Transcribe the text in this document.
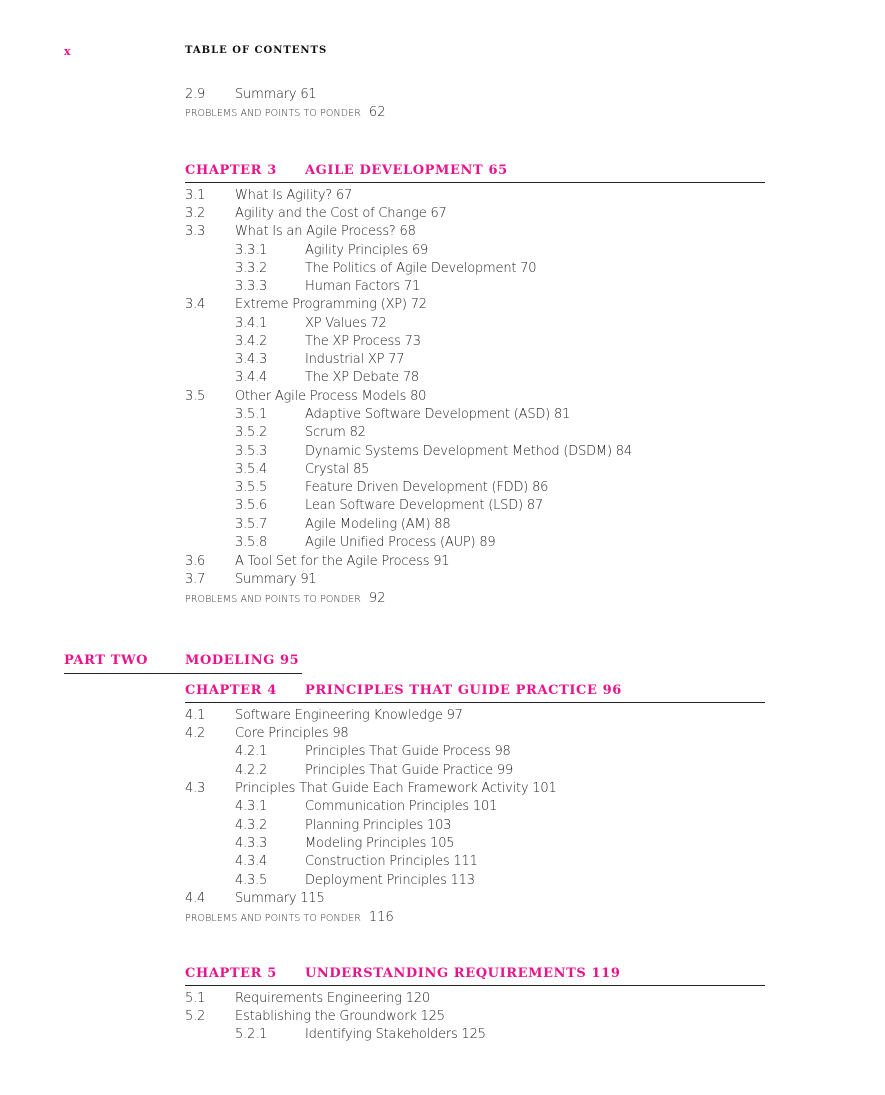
x	TABLE OF CONTENTS
2.9 Summary 61
PROBLEMS AND POINTS TO PONDER 62
CHAPTER 3 AGILE DEVELOPMENT 65
3.1 What Is Agility? 67
3.2 Agility and the Cost of Change 67
3.3 What Is an Agile Process? 68
3.3.1	Agility Principles 69
3.3.2	The Politics of Agile Development 70
3.3.3	Human Factors 71
3.4 Extreme Programming (XP) 72
3.4.1	XP Values 72
3.4.2	The XP Process 73
3.4.3	Industrial XP 77
3.4.4	The XP Debate 78
3.5 Other Agile Process Models 80
3.5.1	Adaptive Software Development (ASD) 81
3.5.2	Scrum 82
3.5.3	Dynamic Systems Development Method (DSDM) 84
3.5.4	Crystal 85
3.5.5	Feature Driven Development (FDD) 86
3.5.6	Lean Software Development (LSD) 87
3.5.7	Agile Modeling (AM) 88
3.5.8	Agile Unified Process (AUP) 89
3.6 A Tool Set for the Agile Process 91
3.7 Summary 91
PROBLEMS AND POINTS TO PONDER 92
PART TWO	MODELING 95
CHAPTER 4 PRINCIPLES THAT GUIDE PRACTICE 96
4.1 Software Engineering Knowledge 97
4.2 Core Principles 98
4.2.1	Principles That Guide Process 98
4.2.2	Principles That Guide Practice 99
4.3 Principles That Guide Each Framework Activity 101
4.3.1	Communication Principles 101
4.3.2	Planning Principles 103
4.3.3	Modeling Principles 105
4.3.4	Construction Principles 111
4.3.5	Deployment Principles 113
4.4 Summary 115
PROBLEMS AND POINTS TO PONDER 116
CHAPTER 5 UNDERSTANDING REQUIREMENTS 119
5.1 Requirements Engineering 120
5.2 Establishing the Groundwork 125
5.2.1	Identifying Stakeholders 125
